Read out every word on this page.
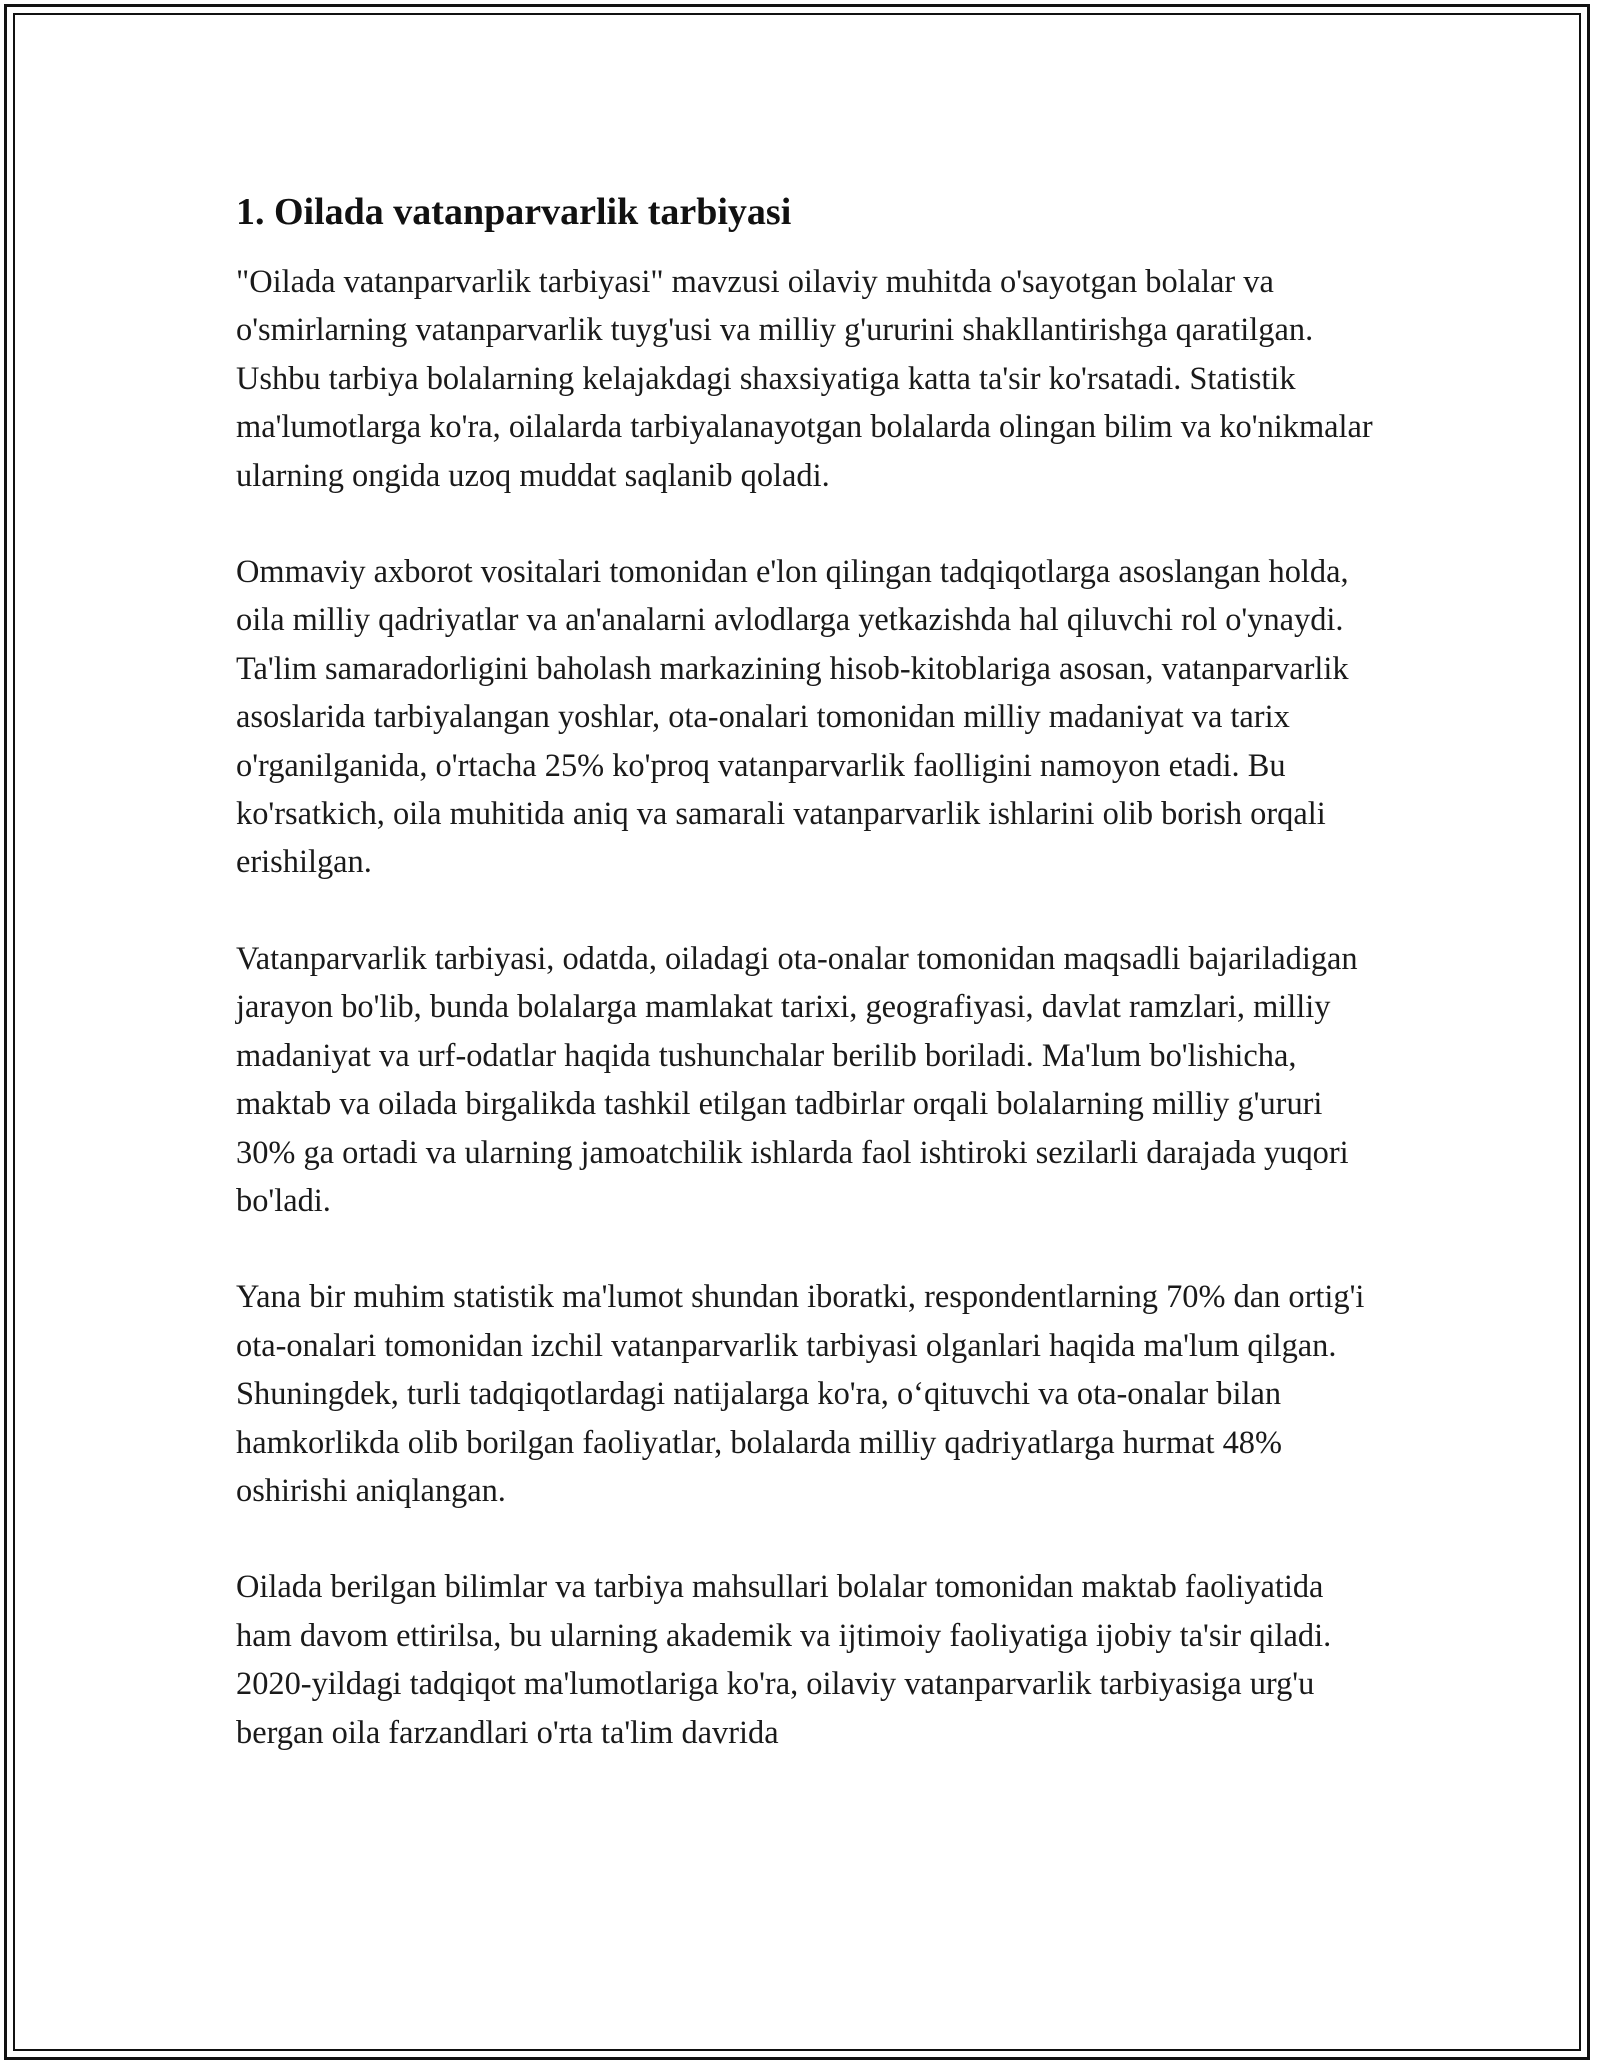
1. Oilada vatanparvarlik tarbiyasi

"Oilada vatanparvarlik tarbiyasi" mavzusi oilaviy muhitda o'sayotgan bolalar va o'smirlarning vatanparvarlik tuyg'usi va milliy g'ururini shakllantirishga qaratilgan. Ushbu tarbiya bolalarning kelajakdagi shaxsiyatiga katta ta'sir ko'rsatadi. Statistik ma'lumotlarga ko'ra, oilalarda tarbiyalanayotgan bolalarda olingan bilim va ko'nikmalar ularning ongida uzoq muddat saqlanib qoladi.

Ommaviy axborot vositalari tomonidan e'lon qilingan tadqiqotlarga asoslangan holda, oila milliy qadriyatlar va an'analarni avlodlarga yetkazishda hal qiluvchi rol o'ynaydi. Ta'lim samaradorligini baholash markazining hisob-kitoblariga asosan, vatanparvarlik asoslarida tarbiyalangan yoshlar, ota-onalari tomonidan milliy madaniyat va tarix o'rganilganida, o'rtacha 25% ko'proq vatanparvarlik faolligini namoyon etadi. Bu ko'rsatkich, oila muhitida aniq va samarali vatanparvarlik ishlarini olib borish orqali erishilgan.

Vatanparvarlik tarbiyasi, odatda, oiladagi ota-onalar tomonidan maqsadli bajariladigan jarayon bo'lib, bunda bolalarga mamlakat tarixi, geografiyasi, davlat ramzlari, milliy madaniyat va urf-odatlar haqida tushunchalar berilib boriladi. Ma'lum bo'lishicha, maktab va oilada birgalikda tashkil etilgan tadbirlar orqali bolalarning milliy g'ururi 30% ga ortadi va ularning jamoatchilik ishlarda faol ishtiroki sezilarli darajada yuqori bo'ladi.

Yana bir muhim statistik ma'lumot shundan iboratki, respondentlarning 70% dan ortig'i ota-onalari tomonidan izchil vatanparvarlik tarbiyasi olganlari haqida ma'lum qilgan. Shuningdek, turli tadqiqotlardagi natijalarga ko'ra, o‘qituvchi va ota-onalar bilan hamkorlikda olib borilgan faoliyatlar, bolalarda milliy qadriyatlarga hurmat 48% oshirishi aniqlangan.

Oilada berilgan bilimlar va tarbiya mahsullari bolalar tomonidan maktab faoliyatida ham davom ettirilsa, bu ularning akademik va ijtimoiy faoliyatiga ijobiy ta'sir qiladi. 2020-yildagi tadqiqot ma'lumotlariga ko'ra, oilaviy vatanparvarlik tarbiyasiga urg'u bergan oila farzandlari o'rta ta'lim davrida
